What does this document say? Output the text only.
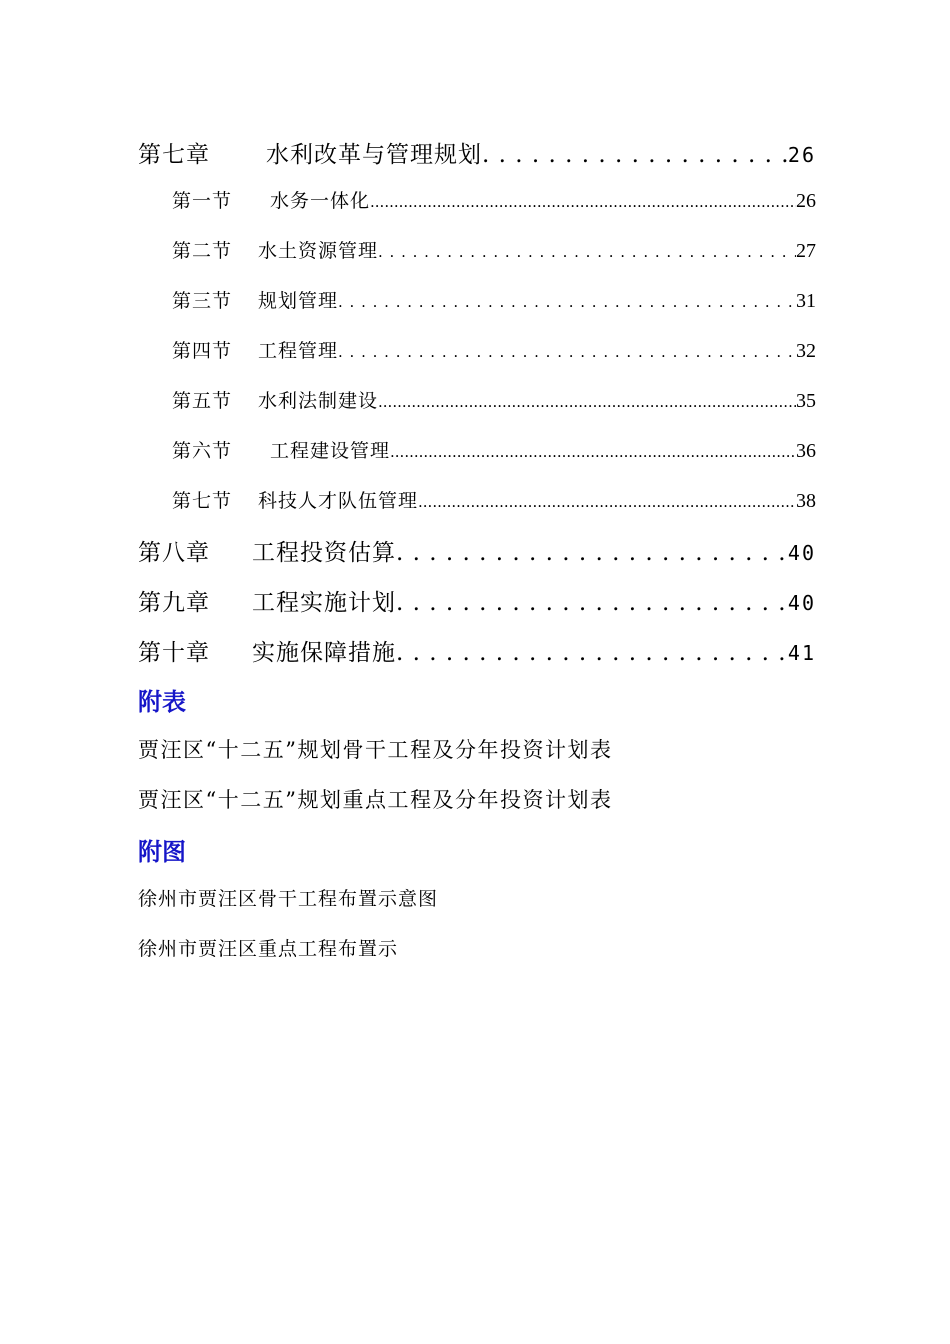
第七章	水利改革与管理规划 . . .	26
第一节	水务一体化 .....	26
第二节	水土资源管理 . . .	27
第三节	规划管理 . . .	31
第四节	工程管理 . . .	32
第五节	水利法制建设 .....	35
第六节	工程建设管理 .....	36
第七节	科技人才队伍管理 .....	38
第八章	工程投资估算 . . .	40
第九章	工程实施计划 . . .	40
第十章	实施保障措施 . . .	41
附表
贾汪区“十二五”规划骨干工程及分年投资计划表
贾汪区“十二五”规划重点工程及分年投资计划表
附图
徐州市贾汪区骨干工程布置示意图
徐州市贾汪区重点工程布置示
